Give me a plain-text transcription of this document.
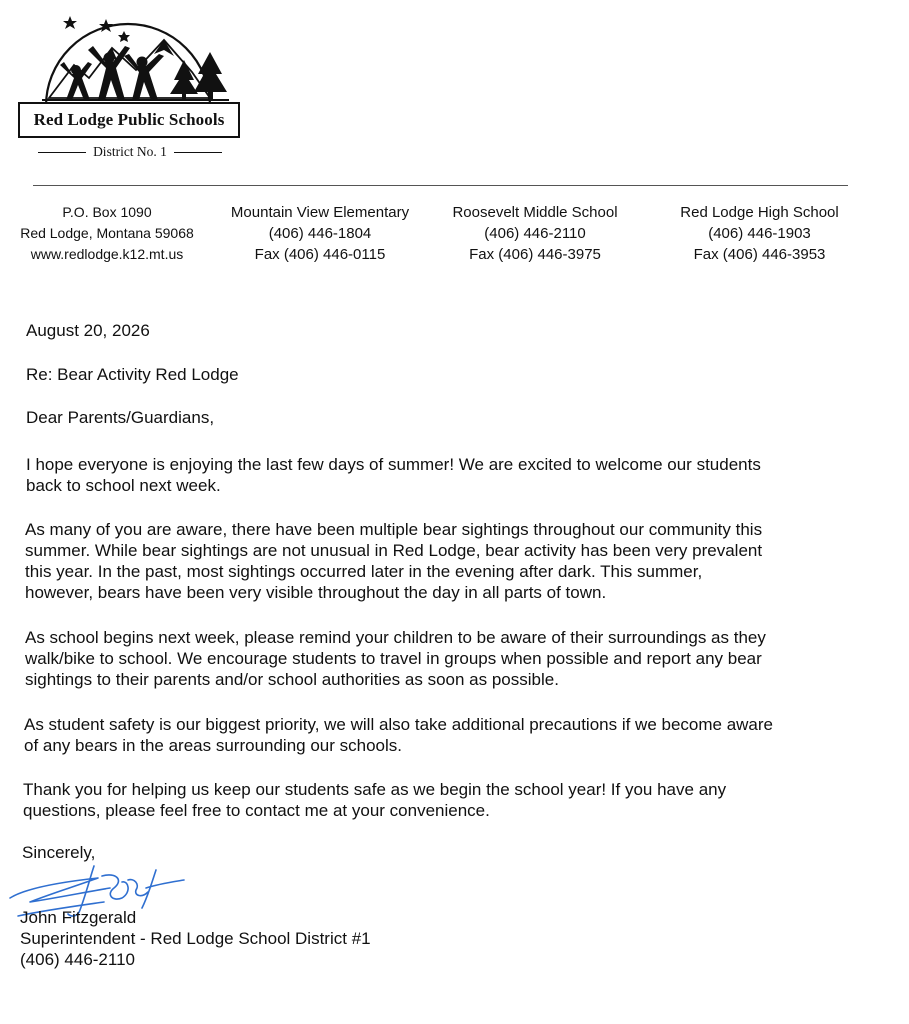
Red Lodge Public Schools
District No. 1
P.O. Box 1090
Red Lodge, Montana 59068
www.redlodge.k12.mt.us
Mountain View Elementary
(406) 446-1804
Fax (406) 446-0115
Roosevelt Middle School
(406) 446-2110
Fax (406) 446-3975
Red Lodge High School
(406) 446-1903
Fax (406) 446-3953
August 20, 2026
Re: Bear Activity Red Lodge
Dear Parents/Guardians,
I hope everyone is enjoying the last few days of summer! We are excited to welcome our students
back to school next week.
As many of you are aware, there have been multiple bear sightings throughout our community this
summer. While bear sightings are not unusual in Red Lodge, bear activity has been very prevalent
this year. In the past, most sightings occurred later in the evening after dark. This summer,
however, bears have been very visible throughout the day in all parts of town.
As school begins next week, please remind your children to be aware of their surroundings as they
walk/bike to school. We encourage students to travel in groups when possible and report any bear
sightings to their parents and/or school authorities as soon as possible.
As student safety is our biggest priority, we will also take additional precautions if we become aware
of any bears in the areas surrounding our schools.
Thank you for helping us keep our students safe as we begin the school year! If you have any
questions, please feel free to contact me at your convenience.
Sincerely,
John Fitzgerald
Superintendent - Red Lodge School District #1
(406) 446-2110
